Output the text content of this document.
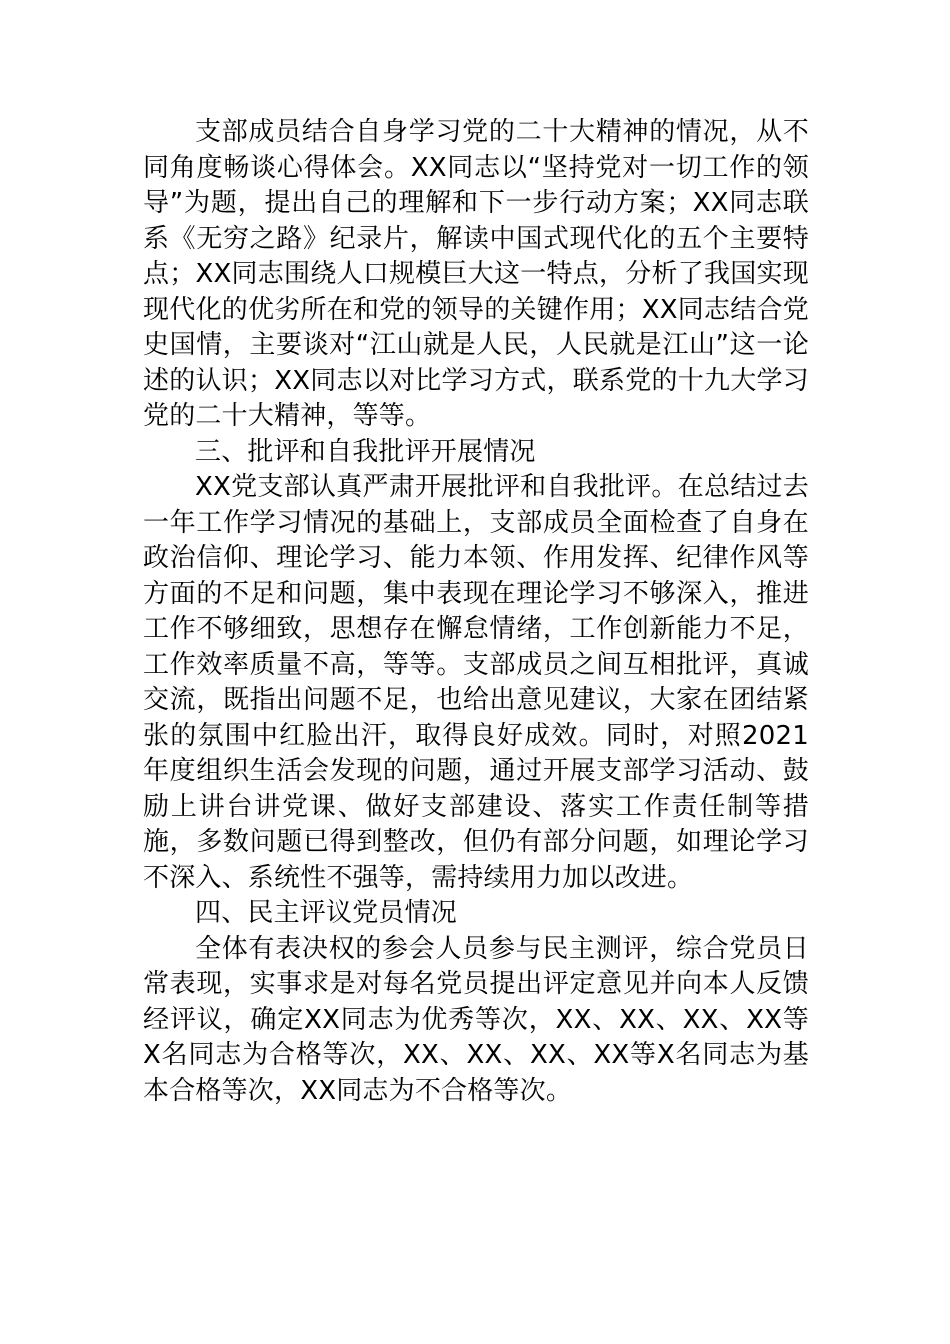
支部成员结合自身学习党的二十大精神的情况，从不同角度畅谈心得体会。XX同志以“坚持党对一切工作的领导”为题，提出自己的理解和下一步行动方案；XX同志联系《无穷之路》纪录片，解读中国式现代化的五个主要特点；XX同志围绕人口规模巨大这一特点，分析了我国实现现代化的优劣所在和党的领导的关键作用；XX同志结合党史国情，主要谈对“江山就是人民，人民就是江山”这一论述的认识；XX同志以对比学习方式，联系党的十九大学习党的二十大精神，等等。

三、批评和自我批评开展情况

XX党支部认真严肃开展批评和自我批评。在总结过去一年工作学习情况的基础上，支部成员全面检查了自身在政治信仰、理论学习、能力本领、作用发挥、纪律作风等方面的不足和问题，集中表现在理论学习不够深入，推进工作不够细致，思想存在懈怠情绪，工作创新能力不足，工作效率质量不高，等等。支部成员之间互相批评，真诚交流，既指出问题不足，也给出意见建议，大家在团结紧张的氛围中红脸出汗，取得良好成效。同时，对照2021年度组织生活会发现的问题，通过开展支部学习活动、鼓励上讲台讲党课、做好支部建设、落实工作责任制等措施，多数问题已得到整改，但仍有部分问题，如理论学习不深入、系统性不强等，需持续用力加以改进。

四、民主评议党员情况

全体有表决权的参会人员参与民主测评，综合党员日常表现，实事求是对每名党员提出评定意见并向本人反馈经评议，确定XX同志为优秀等次，XX、XX、XX、XX等X名同志为合格等次，XX、XX、XX、XX等X名同志为基本合格等次，XX同志为不合格等次。
